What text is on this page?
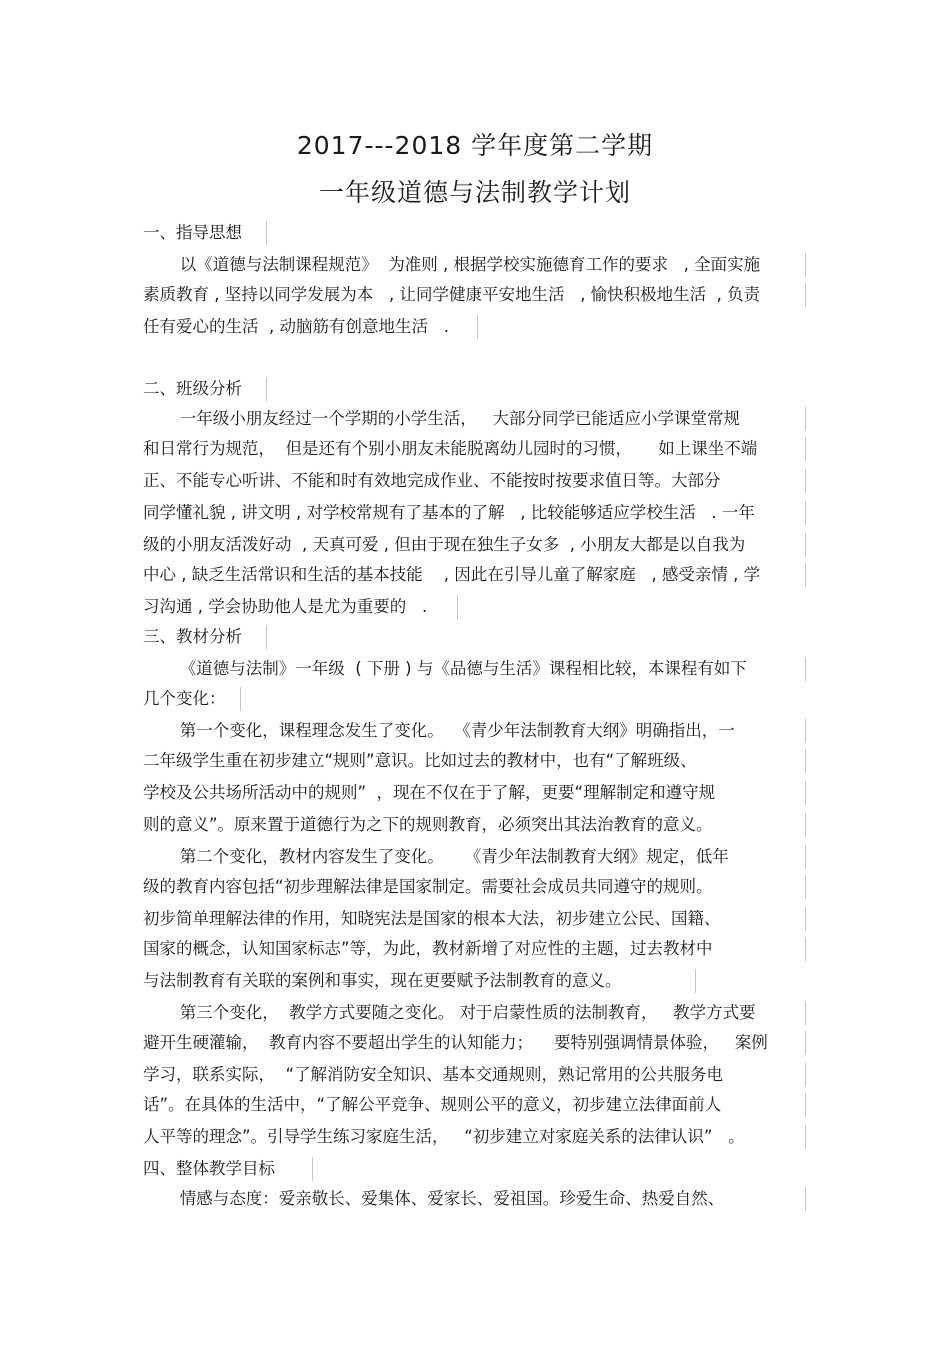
2017---2018 学年度第二学期
一年级道德与法制教学计划
一、指导思想
以《道德与法制课程规范》  为准则 , 根据学校实施德育工作的要求   , 全面实施
素质教育 , 坚持以同学发展为本   , 让同学健康平安地生活   , 愉快积极地生活  , 负责
任有爱心的生活  , 动脑筋有创意地生活   .
二、班级分析
一年级小朋友经过一个学期的小学生活，   大部分同学已能适应小学课堂常规
和日常行为规范，  但是还有个别小朋友未能脱离幼儿园时的习惯，     如上课坐不端
正、不能专心听讲、不能和时有效地完成作业、不能按时按要求值日等。大部分
同学懂礼貌 , 讲文明 , 对学校常规有了基本的了解   , 比较能够适应学校生活   . 一年
级的小朋友活泼好动  , 天真可爱 , 但由于现在独生子女多  , 小朋友大都是以自我为
中心 , 缺乏生活常识和生活的基本技能    , 因此在引导儿童了解家庭   , 感受亲情 , 学
习沟通 , 学会协助他人是尤为重要的   .
三、教材分析
《道德与法制》一年级  ( 下册 ) 与《品德与生活》课程相比较，本课程有如下
几个变化：
第一个变化，课程理念发生了变化。  《青少年法制教育大纲》明确指出，一
二年级学生重在初步建立“规则”意识。比如过去的教材中，也有“了解班级、
学校及公共场所活动中的规则”  ，现在不仅在于了解，更要“理解制定和遵守规
则的意义”。原来置于道德行为之下的规则教育，必须突出其法治教育的意义。
第二个变化，教材内容发生了变化。    《青少年法制教育大纲》规定，低年
级的教育内容包括“初步理解法律是国家制定。需要社会成员共同遵守的规则。
初步简单理解法律的作用，知晓宪法是国家的根本大法，初步建立公民、国籍、
国家的概念，认知国家标志”等，为此，教材新增了对应性的主题，过去教材中
与法制教育有关联的案例和事实，现在更要赋予法制教育的意义。
第三个变化，  教学方式要随之变化。 对于启蒙性质的法制教育，   教学方式要
避开生硬灌输，  教育内容不要超出学生的认知能力；    要特别强调情景体验，   案例
学习，联系实际，  “了解消防安全知识、基本交通规则，熟记常用的公共服务电
话”。在具体的生活中，“了解公平竞争、规则公平的意义，初步建立法律面前人
人平等的理念”。引导学生练习家庭生活，   “初步建立对家庭关系的法律认识”   。
四、整体教学目标
情感与态度：爱亲敬长、爱集体、爱家长、爱祖国。珍爱生命、热爱自然、
